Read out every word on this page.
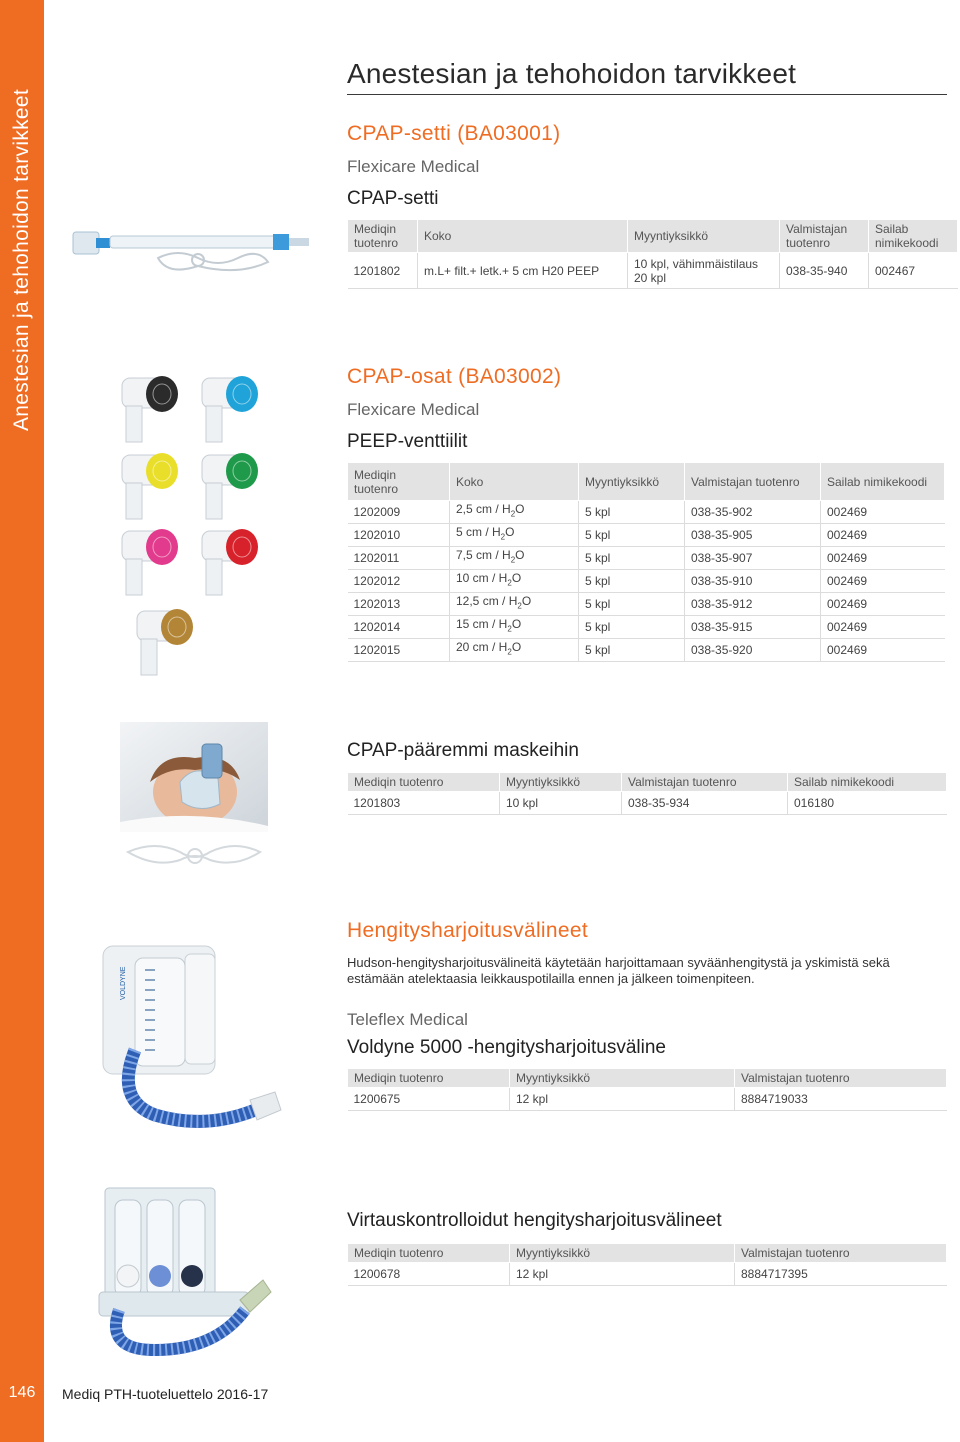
Anestesian ja tehohoidon tarvikkeet
146	Mediq PTH-tuoteluettelo 2016-17
Anestesian ja tehohoidon tarvikkeet
CPAP-setti (BA03001)
Flexicare Medical
CPAP-setti
Mediqin tuotenro	Koko	Myyntiyksikkö	Valmistajan tuotenro	Sailab nimikekoodi
1201802	m.L+ filt.+ letk.+ 5 cm H20 PEEP	10 kpl, vähimmäistilaus 20 kpl	038-35-940	002467
CPAP-osat (BA03002)
Flexicare Medical
PEEP-venttiilit
Mediqin tuotenro	Koko	Myyntiyksikkö	Valmistajan tuotenro	Sailab nimikekoodi
1202009	2,5 cm / $H_2O$	5 kpl	038-35-902	002469
1202010	5 cm / $H_2O$	5 kpl	038-35-905	002469
1202011	7,5 cm / $H_2O$	5 kpl	038-35-907	002469
1202012	10 cm / $H_2O$	5 kpl	038-35-910	002469
1202013	12,5 cm / $H_2O$	5 kpl	038-35-912	002469
1202014	15 cm / $H_2O$	5 kpl	038-35-915	002469
1202015	20 cm / $H_2O$	5 kpl	038-35-920	002469
CPAP-pääremmi maskeihin
Mediqin tuotenro	Myyntiyksikkö	Valmistajan tuotenro	Sailab nimikekoodi
1201803	10 kpl	038-35-934	016180
Hengitysharjoitusvälineet
Hudson-hengitysharjoitusvälineitä käytetään harjoittamaan syväänhengitystä ja yskimistä sekä estämään atelektaasia leikkauspotilailla ennen ja jälkeen toimenpiteen.
Teleflex Medical
Voldyne 5000 -hengitysharjoitusväline
VOLDYNE
Mediqin tuotenro	Myyntiyksikkö	Valmistajan tuotenro
1200675	12 kpl	8884719033
Virtauskontrolloidut hengitysharjoitusvälineet
Mediqin tuotenro	Myyntiyksikkö	Valmistajan tuotenro
1200678	12 kpl	8884717395
